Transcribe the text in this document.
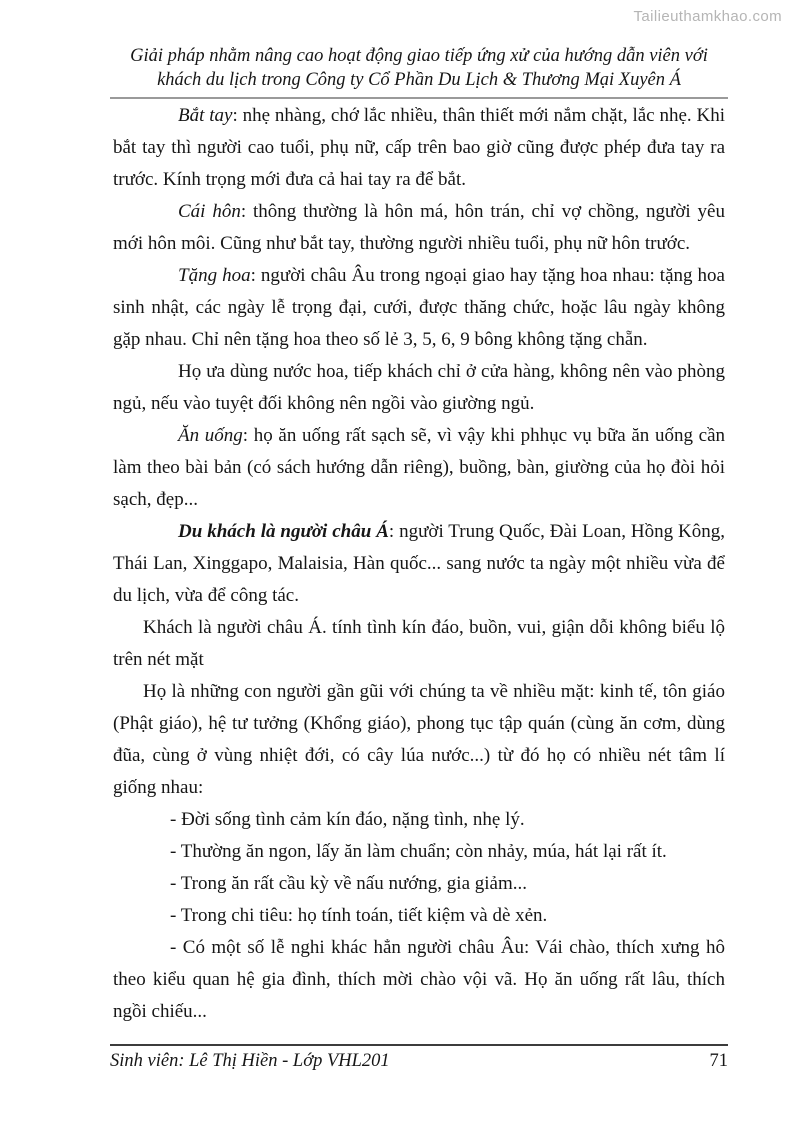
Tailieuthamkhao.com
Giải pháp nhằm nâng cao hoạt động giao tiếp ứng xử của hướng dẫn viên với
khách du lịch trong Công ty Cổ Phần Du Lịch & Thương Mại Xuyên Á

Bắt tay: nhẹ nhàng, chớ lắc nhiều, thân thiết mới nắm chặt, lắc nhẹ. Khi bắt tay thì người cao tuổi, phụ nữ, cấp trên bao giờ cũng được phép đưa tay ra trước. Kính trọng mới đưa cả hai tay ra để bắt.

Cái hôn: thông thường là hôn má, hôn trán, chỉ vợ chồng, người yêu mới hôn môi. Cũng như bắt tay, thường người nhiều tuổi, phụ nữ hôn trước.

Tặng hoa: người châu Âu trong ngoại giao hay tặng hoa nhau: tặng hoa sinh nhật, các ngày lễ trọng đại, cưới, được thăng chức, hoặc lâu ngày không gặp nhau. Chỉ nên tặng hoa theo số lẻ 3, 5, 6, 9 bông không tặng chẵn.

Họ ưa dùng nước hoa, tiếp khách chỉ ở cửa hàng, không nên vào phòng ngủ, nếu vào tuyệt đối không nên ngồi vào giường ngủ.

Ăn uống: họ ăn uống rất sạch sẽ, vì vậy khi phhục vụ bữa ăn uống cần làm theo bài bản (có sách hướng dẫn riêng), buồng, bàn, giường của họ đòi hỏi sạch, đẹp...

Du khách là người châu Á: người Trung Quốc, Đài Loan, Hồng Kông, Thái Lan, Xinggapo, Malaisia, Hàn quốc... sang nước ta ngày một nhiều vừa để du lịch, vừa để công tác.

Khách là người châu Á. tính tình kín đáo, buồn, vui, giận dỗi không biểu lộ trên nét mặt

Họ là những con người gần gũi với chúng ta về nhiều mặt: kinh tế, tôn giáo (Phật giáo), hệ tư tưởng (Khổng giáo), phong tục tập quán (cùng ăn cơm, dùng đũa, cùng ở vùng nhiệt đới, có cây lúa nước...) từ đó họ có nhiều nét tâm lí giống nhau:

- Đời sống tình cảm kín đáo, nặng tình, nhẹ lý.

- Thường ăn ngon, lấy ăn làm chuẩn; còn nhảy, múa, hát lại rất ít.

- Trong ăn rất cầu kỳ về nấu nướng, gia giảm...

- Trong chi tiêu: họ tính toán, tiết kiệm và dè xẻn.

- Có một số lễ nghi khác hẳn người châu Âu: Vái chào, thích xưng hô theo kiểu quan hệ gia đình, thích mời chào vội vã. Họ ăn uống rất lâu, thích ngồi chiếu...

Sinh viên: Lê Thị Hiền - Lớp VHL201	71
